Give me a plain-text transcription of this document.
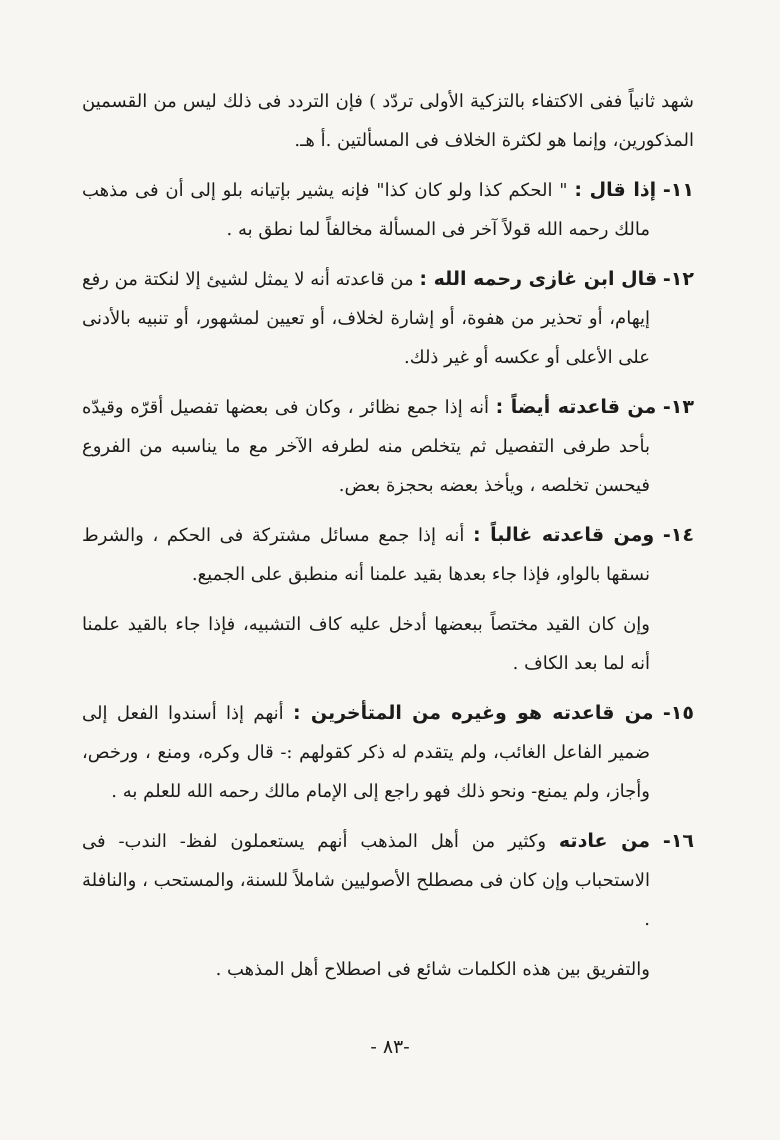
شهد ثانياً ففى الاكتفاء بالتزكية الأولى تردّد ) فإن التردد فى ذلك ليس من القسمين المذكورين، وإنما هو لكثرة الخلاف فى المسألتين .أ هـ.

١١- إذا قال : " الحكم كذا ولو كان كذا" فإنه يشير بإتيانه بلو إلى أن فى مذهب مالك رحمه الله قولاً آخر فى المسألة مخالفاً لما نطق به .

١٢- قال ابن غازى رحمه الله : من قاعدته أنه لا يمثل لشيئ إلا لنكتة من رفع إيهام، أو تحذير من هفوة، أو إشارة لخلاف، أو تعيين لمشهور، أو تنبيه بالأدنى على الأعلى أو عكسه أو غير ذلك.

١٣- من قاعدته أيضاً : أنه إذا جمع نظائر ، وكان فى بعضها تفصيل أقرّه وقيدّه بأحد طرفى التفصيل ثم يتخلص منه لطرفه الآخر مع ما يناسبه من الفروع فيحسن تخلصه ، ويأخذ بعضه بحجزة بعض.

١٤- ومن قاعدته غالباً : أنه إذا جمع مسائل مشتركة فى الحكم ، والشرط نسقها بالواو، فإذا جاء بعدها بقيد علمنا أنه منطبق على الجميع.

وإن كان القيد مختصاً ببعضها أدخل عليه كاف التشبيه، فإذا جاء بالقيد علمنا أنه لما بعد الكاف .

١٥- من قاعدته هو وغيره من المتأخرين : أنهم إذا أسندوا الفعل إلى ضمير الفاعل الغائب، ولم يتقدم له ذكر كقولهم :- قال وكره، ومنع ، ورخص، وأجاز، ولم يمنع- ونحو ذلك فهو راجع إلى الإمام مالك رحمه الله للعلم به .

١٦- من عادته وكثير من أهل المذهب أنهم يستعملون لفظ- الندب- فى الاستحباب وإن كان فى مصطلح الأصوليين شاملاً للسنة، والمستحب ، والنافلة .

والتفريق بين هذه الكلمات شائع فى اصطلاح أهل المذهب .

-٨٣ -
